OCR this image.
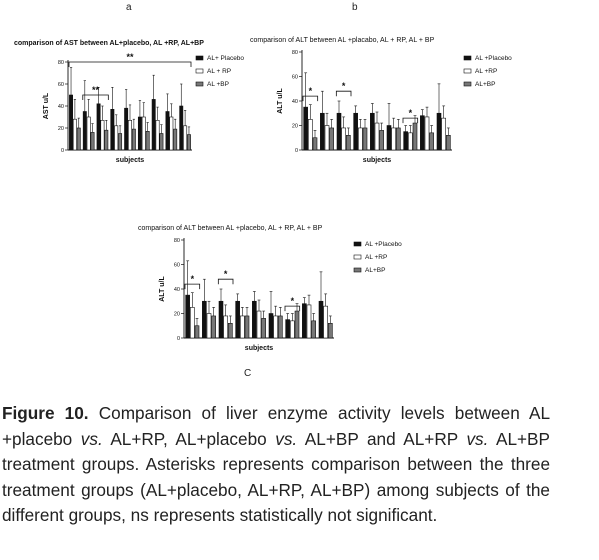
a	b
C
comparison of AST between AL+placebo, AL +RP, AL+BP
0
20
40
60
80
subjects
AST u/L
**
**
AL+ Placebo
AL + RP
AL +BP
comparison of ALT between AL +placabo, AL + RP, AL + BP
0
20
40
60
80
subjects
ALT u/L	*	*
*
AL +Placebo
AL +RP
AL+BP
comparison of ALT between AL +placebo, AL + RP, AL + BP
0
20
40
60
80
subjects
ALT u/L	*	*
*
AL +Placebo
AL +RP
AL+BP
Figure 10. Comparison of liver enzyme activity levels between AL +placebo vs. AL+RP, AL+placebo vs. AL+BP and AL+RP vs. AL+BP treatment groups. Asterisks represents comparison between the three treatment groups (AL+placebo, AL+RP, AL+BP) among subjects of the different groups, ns represents statistically not significant.
